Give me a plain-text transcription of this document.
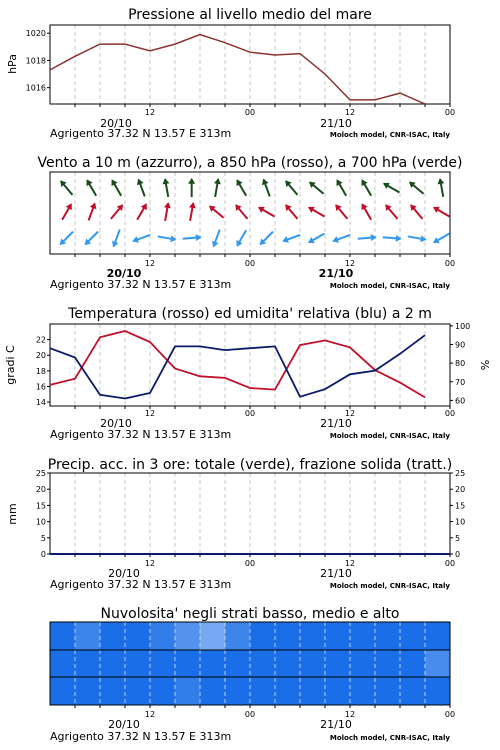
Pressione al livello medio del mare
1016
1018
1020
hPa
12	00	12	00
20/10	21/10
Agrigento 37.32 N 13.57 E 313m	Moloch model, CNR-ISAC, Italy
Vento a 10 m (azzurro), a 850 hPa (rosso), a 700 hPa (verde)
12	00	12	00
20/10	21/10
Agrigento 37.32 N 13.57 E 313m	Moloch model, CNR-ISAC, Italy
Temperatura (rosso) ed umidita' relativa (blu) a 2 m
14
16
18
20
22
60
70
80
90
100
gradi C	%
12	00	12	00
20/10	21/10
Agrigento 37.32 N 13.57 E 313m	Moloch model, CNR-ISAC, Italy
Precip. acc. in 3 ore: totale (verde), frazione solida (tratt.)
0
5
10
15
20
25
0
5
10
15
20
25
mm
12	00	12	00
20/10	21/10
Agrigento 37.32 N 13.57 E 313m	Moloch model, CNR-ISAC, Italy
Nuvolosita' negli strati basso, medio e alto
12	00	12	00
20/10	21/10
Agrigento 37.32 N 13.57 E 313m	Moloch model, CNR-ISAC, Italy
